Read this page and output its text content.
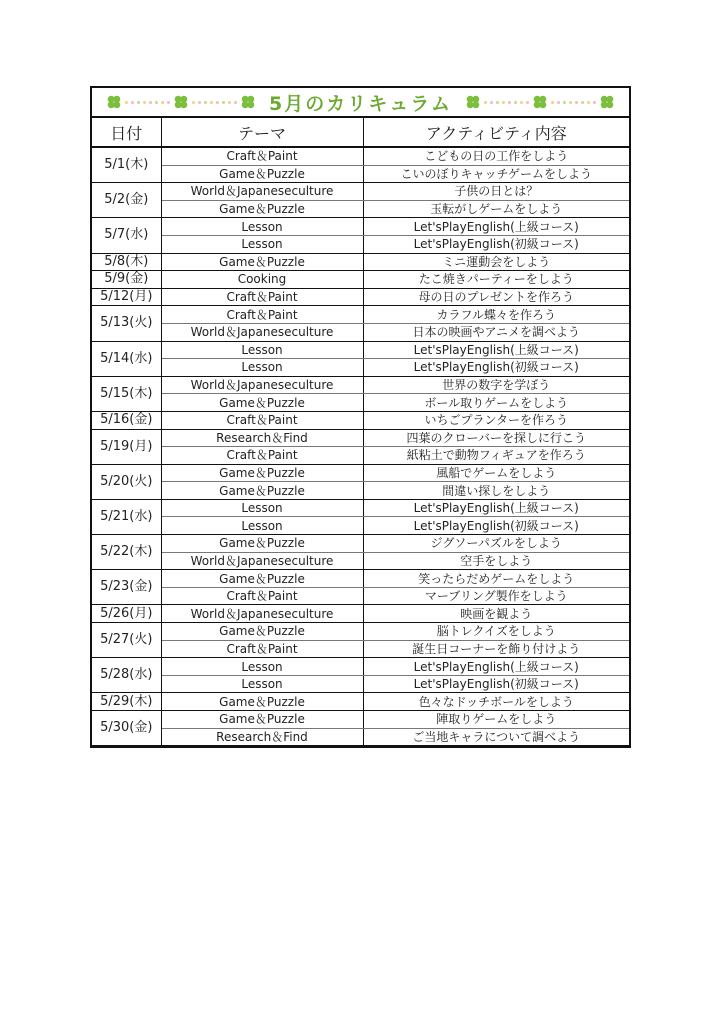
5月のカリキュラム
日付	テーマ	アクティビティ内容
5/1(木)	Craft＆Paint	こどもの日の工作をしよう
	Game＆Puzzle	こいのぼりキャッチゲームをしよう
5/2(金)	World＆Japaneseculture	子供の日とは？
	Game＆Puzzle	玉転がしゲームをしよう
5/7(水)	Lesson	Let'sPlayEnglish(上級コース)
	Lesson	Let'sPlayEnglish(初級コース)
5/8(木)	Game＆Puzzle	ミニ運動会をしよう
5/9(金)	Cooking	たこ焼きパーティーをしよう
5/12(月)	Craft＆Paint	母の日のプレゼントを作ろう
5/13(火)	Craft＆Paint	カラフル蝶々を作ろう
	World＆Japaneseculture	日本の映画やアニメを調べよう
5/14(水)	Lesson	Let'sPlayEnglish(上級コース)
	Lesson	Let'sPlayEnglish(初級コース)
5/15(木)	World＆Japaneseculture	世界の数字を学ぼう
	Game＆Puzzle	ボール取りゲームをしよう
5/16(金)	Craft＆Paint	いちごプランターを作ろう
5/19(月)	Research＆Find	四葉のクローバーを探しに行こう
	Craft＆Paint	紙粘土で動物フィギュアを作ろう
5/20(火)	Game＆Puzzle	風船でゲームをしよう
	Game＆Puzzle	間違い探しをしよう
5/21(水)	Lesson	Let'sPlayEnglish(上級コース)
	Lesson	Let'sPlayEnglish(初級コース)
5/22(木)	Game＆Puzzle	ジグソーパズルをしよう
	World＆Japaneseculture	空手をしよう
5/23(金)	Game＆Puzzle	笑ったらだめゲームをしよう
	Craft＆Paint	マーブリング製作をしよう
5/26(月)	World＆Japaneseculture	映画を観よう
5/27(火)	Game＆Puzzle	脳トレクイズをしよう
	Craft＆Paint	誕生日コーナーを飾り付けよう
5/28(水)	Lesson	Let'sPlayEnglish(上級コース)
	Lesson	Let'sPlayEnglish(初級コース)
5/29(木)	Game＆Puzzle	色々なドッチボールをしよう
5/30(金)	Game＆Puzzle	陣取りゲームをしよう
	Research＆Find	ご当地キャラについて調べよう
